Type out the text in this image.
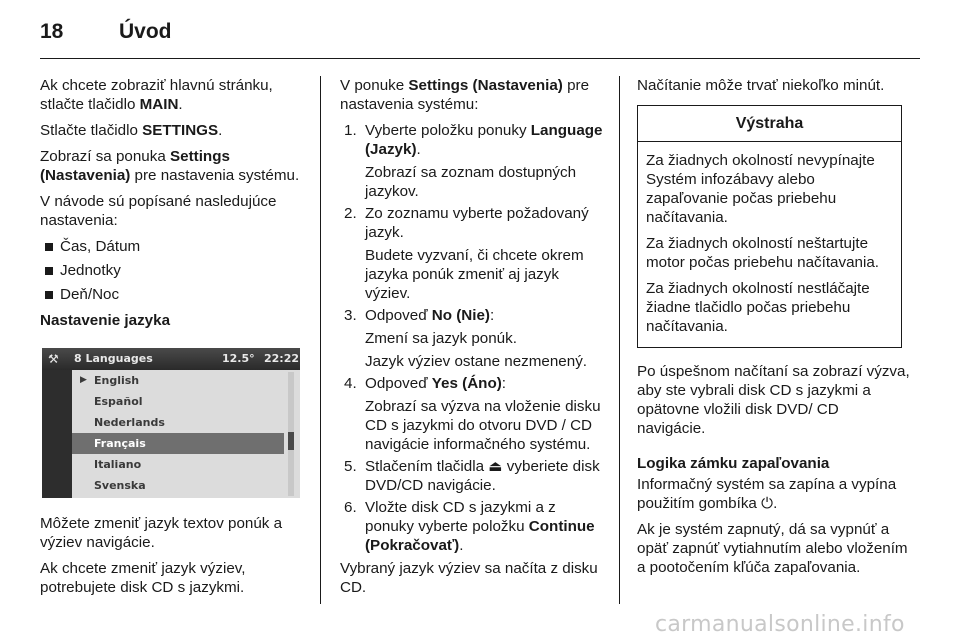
18	Úvod

Ak chcete zobraziť hlavnú stránku, stlačte tlačidlo MAIN.

Stlačte tlačidlo SETTINGS.

Zobrazí sa ponuka Settings (Nastavenia) pre nastavenia systému.

V návode sú popísané nasledujúce nastavenia:

Čas, Dátum
Jednotky
Deň/Noc
Nastavenie jazyka
⚒ 8 Languages	12.5° 22:22
▶ English
Español
Nederlands
Français
Italiano
Svenska

Môžete zmeniť jazyk textov ponúk a výziev navigácie.

Ak chcete zmeniť jazyk výziev, potrebujete disk CD s jazykmi.

V ponuke Settings (Nastavenia) pre nastavenia systému:

1. Vyberte položku ponuky Language (Jazyk).
Zobrazí sa zoznam dostupných jazykov.
2. Zo zoznamu vyberte požadovaný jazyk.
Budete vyzvaní, či chcete okrem jazyka ponúk zmeniť aj jazyk výziev.
3. Odpoveď No (Nie):
Zmení sa jazyk ponúk.
Jazyk výziev ostane nezmenený.
4. Odpoveď Yes (Áno):
Zobrazí sa výzva na vloženie disku CD s jazykmi do otvoru DVD / CD navigácie informačného systému.
5. Stlačením tlačidla ⏏ vyberiete disk DVD/CD navigácie.
6. Vložte disk CD s jazykmi a z ponuky vyberte položku Continue (Pokračovať).

Vybraný jazyk výziev sa načíta z disku CD.

Načítanie môže trvať niekoľko minút.

Výstraha

Za žiadnych okolností nevypínajte Systém infozábavy alebo zapaľovanie počas priebehu načítavania.

Za žiadnych okolností neštartujte motor počas priebehu načítavania.

Za žiadnych okolností nestláčajte žiadne tlačidlo počas priebehu načítavania.

Po úspešnom načítaní sa zobrazí výzva, aby ste vybrali disk CD s jazykmi a opätovne vložili disk DVD/ CD navigácie.

Logika zámku zapaľovania

Informačný systém sa zapína a vypína použitím gombíka ⏻.

Ak je systém zapnutý, dá sa vypnúť a opäť zapnúť vytiahnutím alebo vložením a pootočením kľúča zapaľovania.

carmanualsonline.info
